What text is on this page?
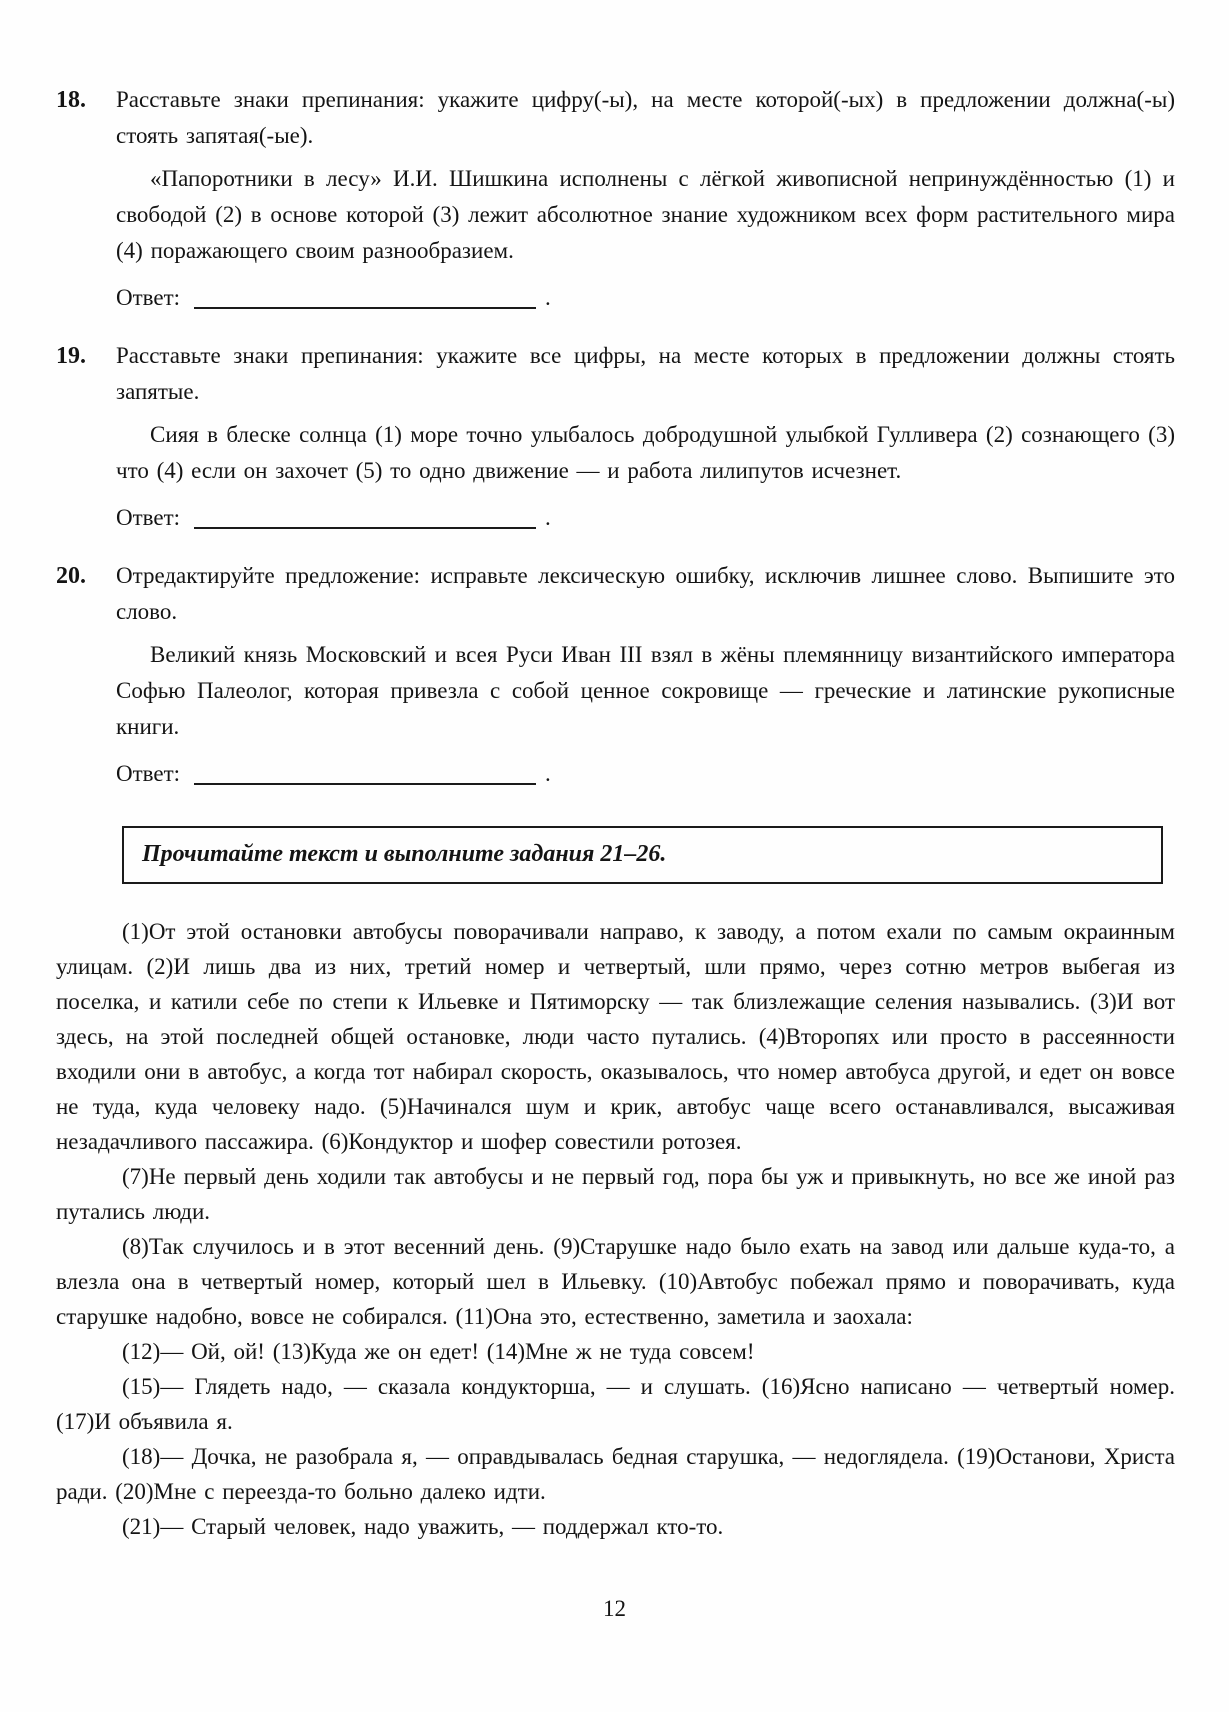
18.	Расставьте знаки препинания: укажите цифру(-ы), на месте которой(-ых) в предложении должна(-ы) стоять запятая(-ые).

«Папоротники в лесу» И.И. Шишкина исполнены с лёгкой живописной непринуждённостью (1) и свободой (2) в основе которой (3) лежит абсолютное знание художником всех форм растительного мира (4) поражающего своим разнообразием.

Ответ:	.
19.	Расставьте знаки препинания: укажите все цифры, на месте которых в предложении должны стоять запятые.

Сияя в блеске солнца (1) море точно улыбалось добродушной улыбкой Гулливера (2) сознающего (3) что (4) если он захочет (5) то одно движение — и работа лилипутов исчезнет.

Ответ:	.
20.	Отредактируйте предложение: исправьте лексическую ошибку, исключив лишнее слово. Выпишите это слово.

Великий князь Московский и всея Руси Иван III взял в жёны племянницу византийского императора Софью Палеолог, которая привезла с собой ценное сокровище — греческие и латинские рукописные книги.

Ответ:	.

Прочитайте текст и выполните задания 21–26.

(1)От этой остановки автобусы поворачивали направо, к заводу, а потом ехали по самым окраинным улицам. (2)И лишь два из них, третий номер и четвертый, шли прямо, через сотню метров выбегая из поселка, и катили себе по степи к Ильевке и Пятиморску — так близлежащие селения назывались. (3)И вот здесь, на этой последней общей остановке, люди часто путались. (4)Второпях или просто в рассеянности входили они в автобус, а когда тот набирал скорость, оказывалось, что номер автобуса другой, и едет он вовсе не туда, куда человеку надо. (5)Начинался шум и крик, автобус чаще всего останавливался, высаживая незадачливого пассажира. (6)Кондуктор и шофер совестили ротозея.

(7)Не первый день ходили так автобусы и не первый год, пора бы уж и привыкнуть, но все же иной раз путались люди.

(8)Так случилось и в этот весенний день. (9)Старушке надо было ехать на завод или дальше куда-то, а влезла она в четвертый номер, который шел в Ильевку. (10)Автобус побежал прямо и поворачивать, куда старушке надобно, вовсе не собирался. (11)Она это, естественно, заметила и заохала:

(12)— Ой, ой! (13)Куда же он едет! (14)Мне ж не туда совсем!

(15)— Глядеть надо, — сказала кондукторша, — и слушать. (16)Ясно написано — четвертый номер. (17)И объявила я.

(18)— Дочка, не разобрала я, — оправдывалась бедная старушка, — недоглядела. (19)Останови, Христа ради. (20)Мне с переезда-то больно далеко идти.

(21)— Старый человек, надо уважить, — поддержал кто-то.

12
